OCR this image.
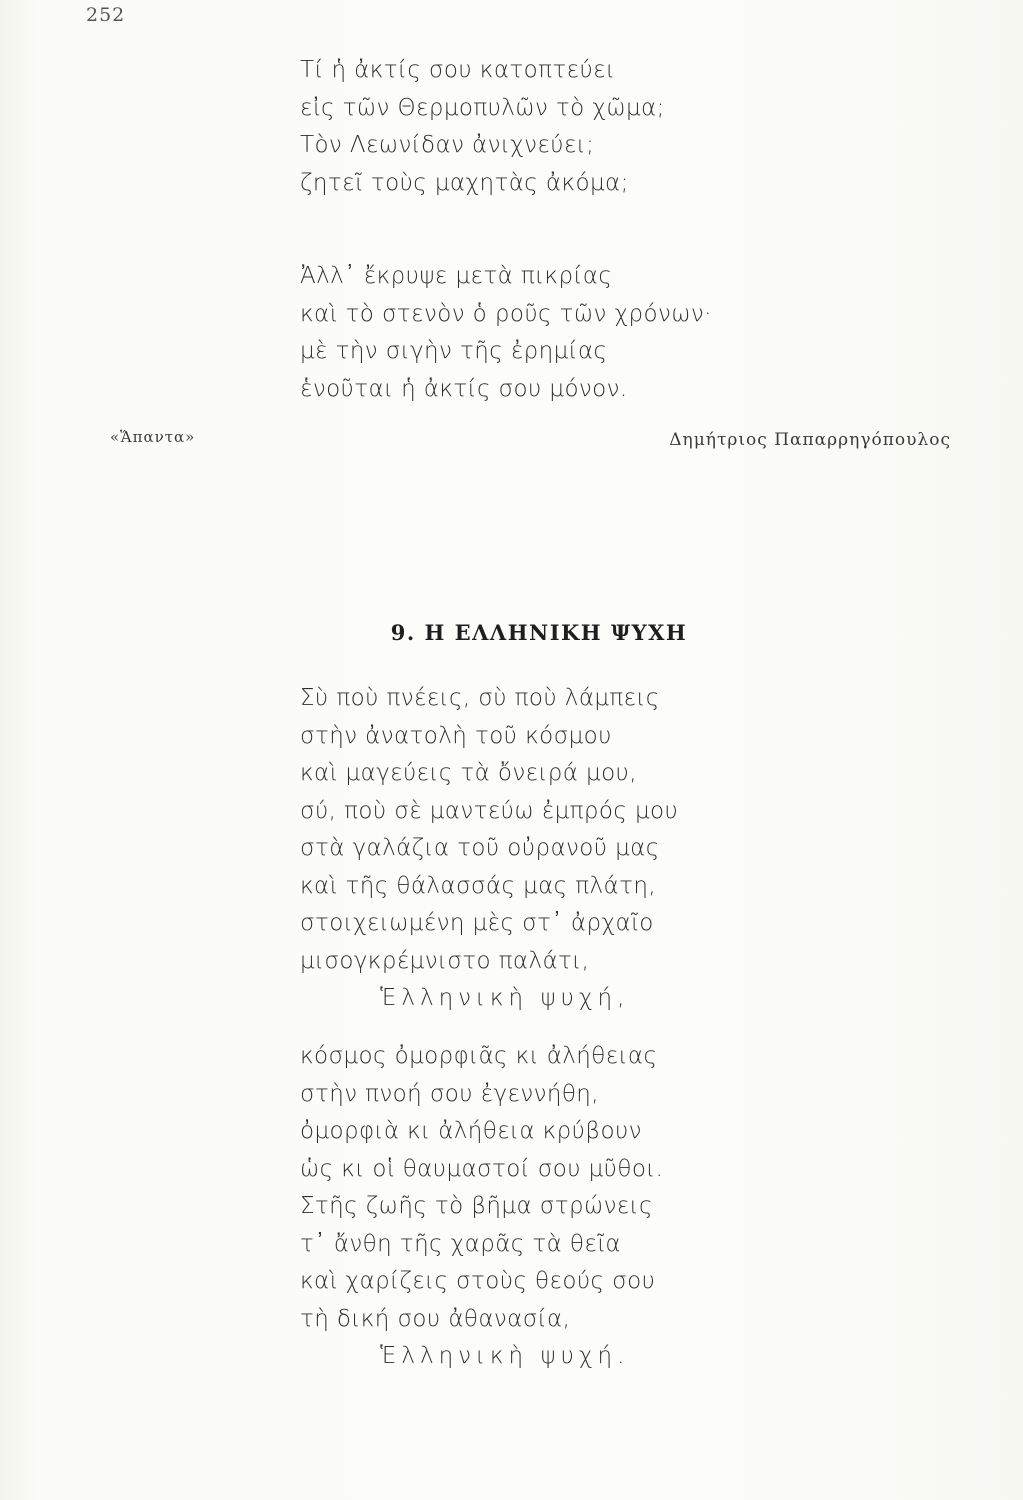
252
Τί ἡ ἀκτίς σου κατοπτεύει
εἰς τῶν Θερμοπυλῶν τὸ χῶμα;
Τὸν Λεωνίδαν ἀνιχνεύει;
ζητεῖ τοὺς μαχητὰς ἀκόμα;
Ἀλλ᾽ ἔκρυψε μετὰ πικρίας
καὶ τὸ στενὸν ὁ ροῦς τῶν χρόνων·
μὲ τὴν σιγὴν τῆς ἐρημίας
ἑνοῦται ἡ ἀκτίς σου μόνον.
«Ἅπαντα»	Δημήτριος Παπαρρηγόπουλος
9. Η ΕΛΛΗΝΙΚΗ ΨΥΧΗ
Σὺ ποὺ πνέεις, σὺ ποὺ λάμπεις
στὴν ἀνατολὴ τοῦ κόσμου
καὶ μαγεύεις τὰ ὄνειρά μου,
σύ, ποὺ σὲ μαντεύω ἐμπρός μου
στὰ γαλάζια τοῦ οὐρανοῦ μας
καὶ τῆς θάλασσάς μας πλάτη,
στοιχειωμένη μὲς στ᾽ ἀρχαῖο
μισογκρέμνιστο παλάτι,
Ἑλληνικὴ ψυχή,
κόσμος ὀμορφιᾶς κι ἀλήθειας
στὴν πνοή σου ἐγεννήθη,
ὀμορφιὰ κι ἀλήθεια κρύβουν
ὡς κι οἱ θαυμαστοί σου μῦθοι.
Στῆς ζωῆς τὸ βῆμα στρώνεις
τ᾽ ἄνθη τῆς χαρᾶς τὰ θεῖα
καὶ χαρίζεις στοὺς θεούς σου
τὴ δική σου ἀθανασία,
Ἑλληνικὴ ψυχή.
